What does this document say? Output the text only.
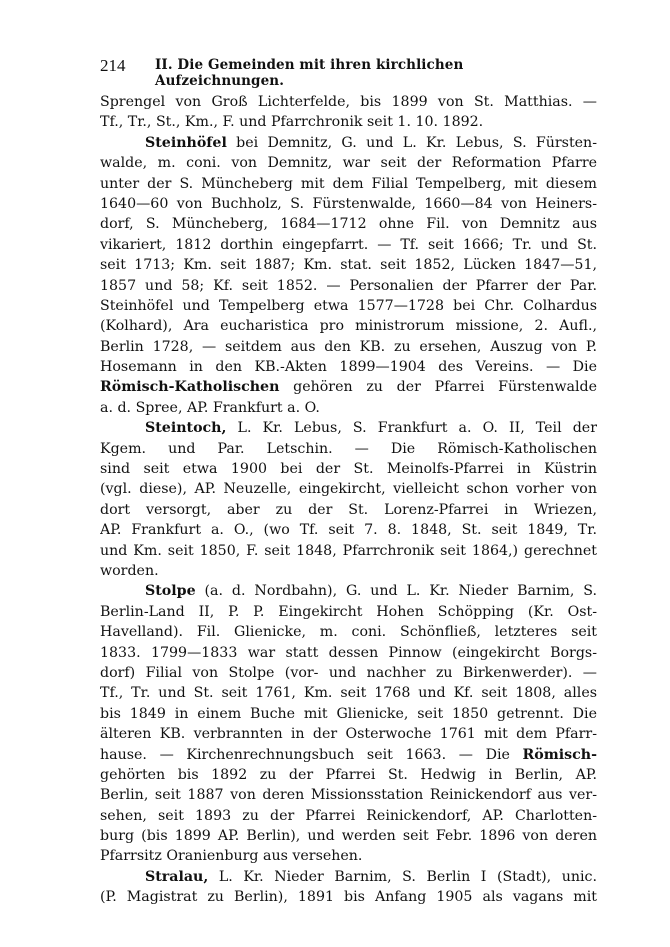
214 II. Die Gemeinden mit ihren kirchlichen Aufzeichnungen.
Sprengel von Groß Lichterfelde, bis 1899 von St. Matthias. —
Tf., Tr., St., Km., F. und Pfarrchronik seit 1. 10. 1892.
Steinhöfel bei Demnitz, G. und L. Kr. Lebus, S. Fürsten-
walde, m. coni. von Demnitz, war seit der Reformation Pfarre
unter der S. Müncheberg mit dem Filial Tempelberg, mit diesem
1640—60 von Buchholz, S. Fürstenwalde, 1660—84 von Heiners-
dorf, S. Müncheberg, 1684—1712 ohne Fil. von Demnitz aus
vikariert, 1812 dorthin eingepfarrt. — Tf. seit 1666; Tr. und St.
seit 1713; Km. seit 1887; Km. stat. seit 1852, Lücken 1847—51,
1857 und 58; Kf. seit 1852. — Personalien der Pfarrer der Par.
Steinhöfel und Tempelberg etwa 1577—1728 bei Chr. Colhardus
(Kolhard), Ara eucharistica pro ministrorum missione, 2. Aufl.,
Berlin 1728, — seitdem aus den KB. zu ersehen, Auszug von P.
Hosemann in den KB.-Akten 1899—1904 des Vereins. — Die
Römisch-Katholischen gehören zu der Pfarrei Fürstenwalde
a. d. Spree, AP. Frankfurt a. O.
Steintoch, L. Kr. Lebus, S. Frankfurt a. O. II, Teil der
Kgem. und Par. Letschin. — Die Römisch-Katholischen
sind seit etwa 1900 bei der St. Meinolfs-Pfarrei in Küstrin
(vgl. diese), AP. Neuzelle, eingekircht, vielleicht schon vorher von
dort versorgt, aber zu der St. Lorenz-Pfarrei in Wriezen,
AP. Frankfurt a. O., (wo Tf. seit 7. 8. 1848, St. seit 1849, Tr.
und Km. seit 1850, F. seit 1848, Pfarrchronik seit 1864,) gerechnet
worden.
Stolpe (a. d. Nordbahn), G. und L. Kr. Nieder Barnim, S.
Berlin-Land II, P. P. Eingekircht Hohen Schöpping (Kr. Ost-
Havelland). Fil. Glienicke, m. coni. Schönfließ, letzteres seit
1833. 1799—1833 war statt dessen Pinnow (eingekircht Borgs-
dorf) Filial von Stolpe (vor- und nachher zu Birkenwerder). —
Tf., Tr. und St. seit 1761, Km. seit 1768 und Kf. seit 1808, alles
bis 1849 in einem Buche mit Glienicke, seit 1850 getrennt. Die
älteren KB. verbrannten in der Osterwoche 1761 mit dem Pfarr-
hause. — Kirchenrechnungsbuch seit 1663. — Die Römisch-
gehörten bis 1892 zu der Pfarrei St. Hedwig in Berlin, AP.
Berlin, seit 1887 von deren Missionsstation Reinickendorf aus ver-
sehen, seit 1893 zu der Pfarrei Reinickendorf, AP. Charlotten-
burg (bis 1899 AP. Berlin), und werden seit Febr. 1896 von deren
Pfarrsitz Oranienburg aus versehen.
Stralau, L. Kr. Nieder Barnim, S. Berlin I (Stadt), unic.
(P. Magistrat zu Berlin), 1891 bis Anfang 1905 als vagans mit
